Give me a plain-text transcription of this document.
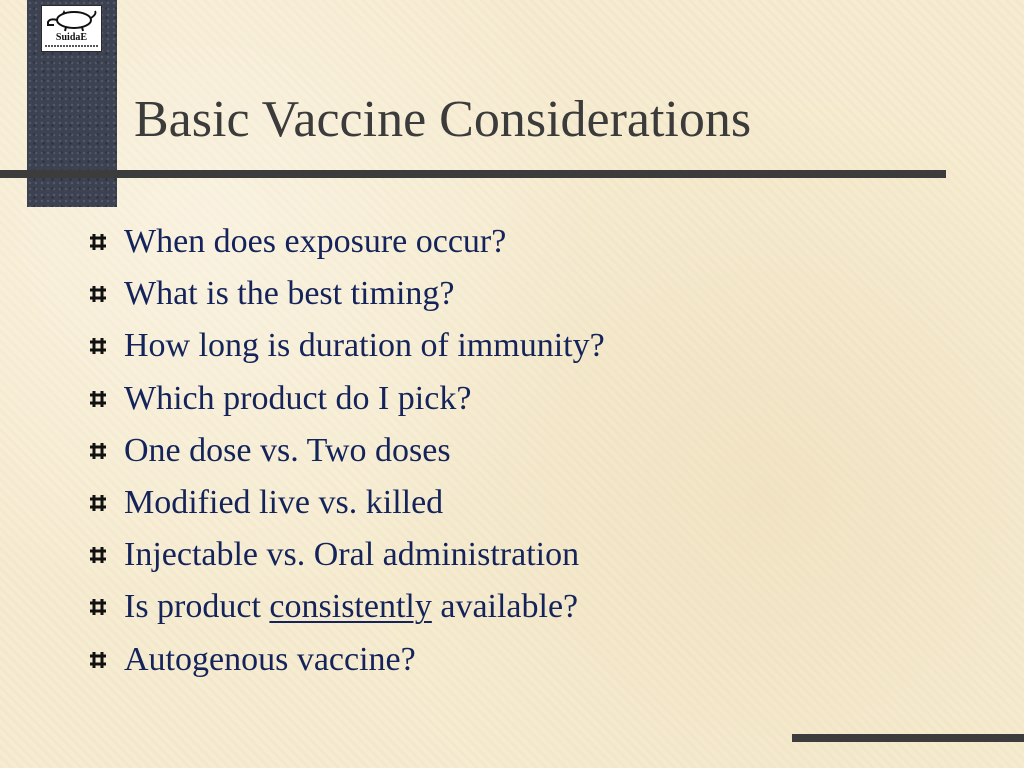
SuidaE
Basic Vaccine Considerations
When does exposure occur?
What is the best timing?
How long is duration of immunity?
Which product do I pick?
One dose vs. Two doses
Modified live vs. killed
Injectable vs. Oral administration
Is product consistently available?
Autogenous vaccine?
